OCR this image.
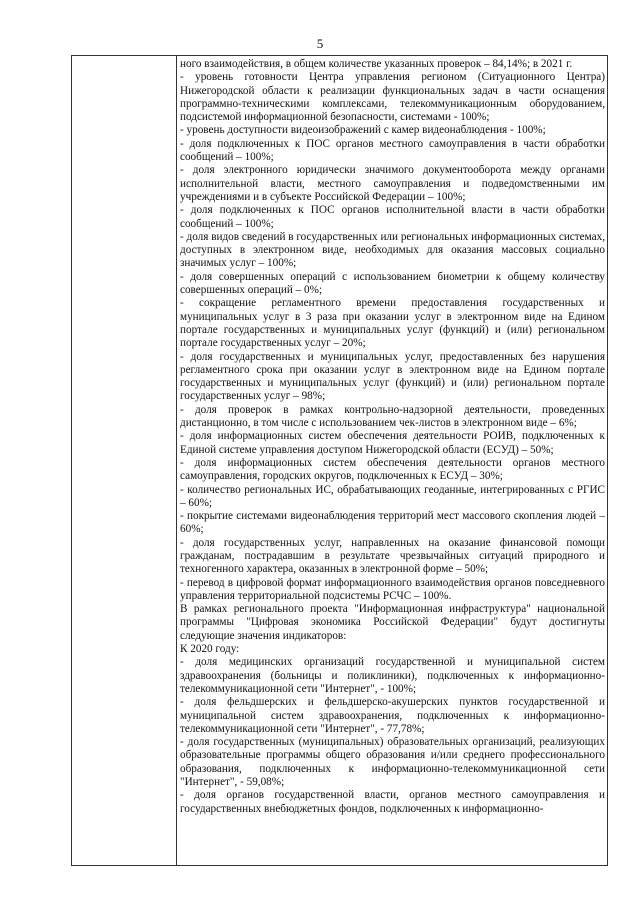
5

ного взаимодействия, в общем количестве указанных проверок – 84,14%; в 2021 г.

- уровень готовности Центра управления регионом (Ситуационного Центра) Нижегородской области к реализации функциональных задач в части оснащения программно-техническими комплексами, телекоммуникационным оборудованием, подсистемой информационной безопасности, системами - 100%;

- уровень доступности видеоизображений с камер видеонаблюдения - 100%;

- доля подключенных к ПОС органов местного самоуправления в части обработки сообщений – 100%;

- доля электронного юридически значимого документооборота между органами исполнительной власти, местного самоуправления и подведомственными им учреждениями и в субъекте Российской Федерации – 100%;

- доля подключенных к ПОС органов исполнительной власти в части обработки сообщений – 100%;

- доля видов сведений в государственных или региональных информационных системах, доступных в электронном виде, необходимых для оказания массовых социально значимых услуг – 100%;

- доля совершенных операций с использованием биометрии к общему количеству совершенных операций – 0%;

- сокращение регламентного времени предоставления государственных и муниципальных услуг в 3 раза при оказании услуг в электронном виде на Едином портале государственных и муниципальных услуг (функций) и (или) региональном портале государственных услуг – 20%;

- доля государственных и муниципальных услуг, предоставленных без нарушения регламентного срока при оказании услуг в электронном виде на Едином портале государственных и муниципальных услуг (функций) и (или) региональном портале государственных услуг – 98%;

- доля проверок в рамках контрольно-надзорной деятельности, проведенных дистанционно, в том числе с использованием чек-листов в электронном виде – 6%;

- доля информационных систем обеспечения деятельности РОИВ, подключенных к Единой системе управления доступом Нижегородской области (ЕСУД) – 50%;

- доля информационных систем обеспечения деятельности органов местного самоуправления, городских округов, подключенных к ЕСУД – 30%;

- количество региональных ИС, обрабатывающих геоданные, интегрированных с РГИС – 60%;

- покрытие системами видеонаблюдения территорий мест массового скопления людей – 60%;

- доля государственных услуг, направленных на оказание финансовой помощи гражданам, пострадавшим в результате чрезвычайных ситуаций природного и техногенного характера, оказанных в электронной форме – 50%;

- перевод в цифровой формат информационного взаимодействия органов повседневного управления территориальной подсистемы РСЧС – 100%.

В рамках регионального проекта "Информационная инфраструктура" национальной программы "Цифровая экономика Российской Федерации" будут достигнуты следующие значения индикаторов:

К 2020 году:

- доля медицинских организаций государственной и муниципальной систем здравоохранения (больницы и поликлиники), подключенных к информационно-телекоммуникационной сети "Интернет", - 100%;

- доля фельдшерских и фельдшерско-акушерских пунктов государственной и муниципальной систем здравоохранения, подключенных к информационно-телекоммуникационной сети "Интернет", - 77,78%;

- доля государственных (муниципальных) образовательных организаций, реализующих образовательные программы общего образования и/или среднего профессионального образования, подключенных к информационно-телекоммуникационной сети "Интернет", - 59,08%;

- доля органов государственной власти, органов местного самоуправления и государственных внебюджетных фондов, подключенных к информационно-
